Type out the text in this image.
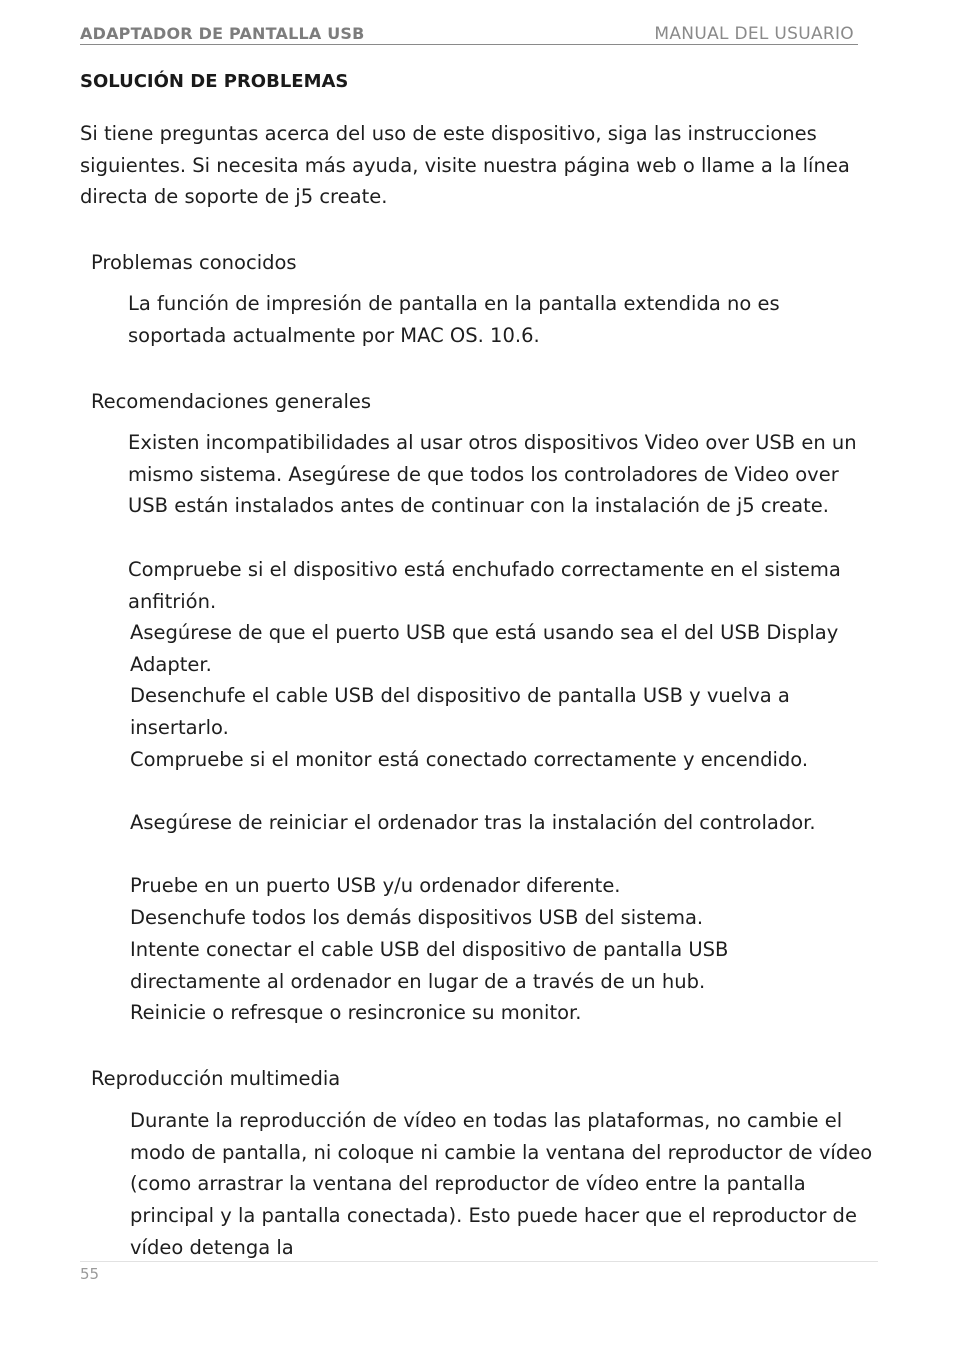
ADAPTADOR DE PANTALLA USB	MANUAL DEL USUARIO
SOLUCIÓN DE PROBLEMAS

Si tiene preguntas acerca del uso de este dispositivo, siga las instrucciones siguientes. Si necesita más ayuda, visite nuestra página web o llame a la línea directa de soporte de j5 create.

Problemas conocidos

La función de impresión de pantalla en la pantalla extendida no es soportada actualmente por MAC OS. 10.6.

Recomendaciones generales

Existen incompatibilidades al usar otros dispositivos Video over USB en un mismo sistema. Asegúrese de que todos los controladores de Video over USB están instalados antes de continuar con la instalación de j5 create.

Compruebe si el dispositivo está enchufado correctamente en el sistema anfitrión.

Asegúrese de que el puerto USB que está usando sea el del USB Display Adapter.

Desenchufe el cable USB del dispositivo de pantalla USB y vuelva a insertarlo.

Compruebe si el monitor está conectado correctamente y encendido.

Asegúrese de reiniciar el ordenador tras la instalación del controlador.

Pruebe en un puerto USB y/u ordenador diferente.

Desenchufe todos los demás dispositivos USB del sistema.

Intente conectar el cable USB del dispositivo de pantalla USB directamente al ordenador en lugar de a través de un hub.

Reinicie o refresque o resincronice su monitor.

Reproducción multimedia

Durante la reproducción de vídeo en todas las plataformas, no cambie el modo de pantalla, ni coloque ni cambie la ventana del reproductor de vídeo (como arrastrar la ventana del reproductor de vídeo entre la pantalla principal y la pantalla conectada). Esto puede hacer que el reproductor de vídeo detenga la

55
